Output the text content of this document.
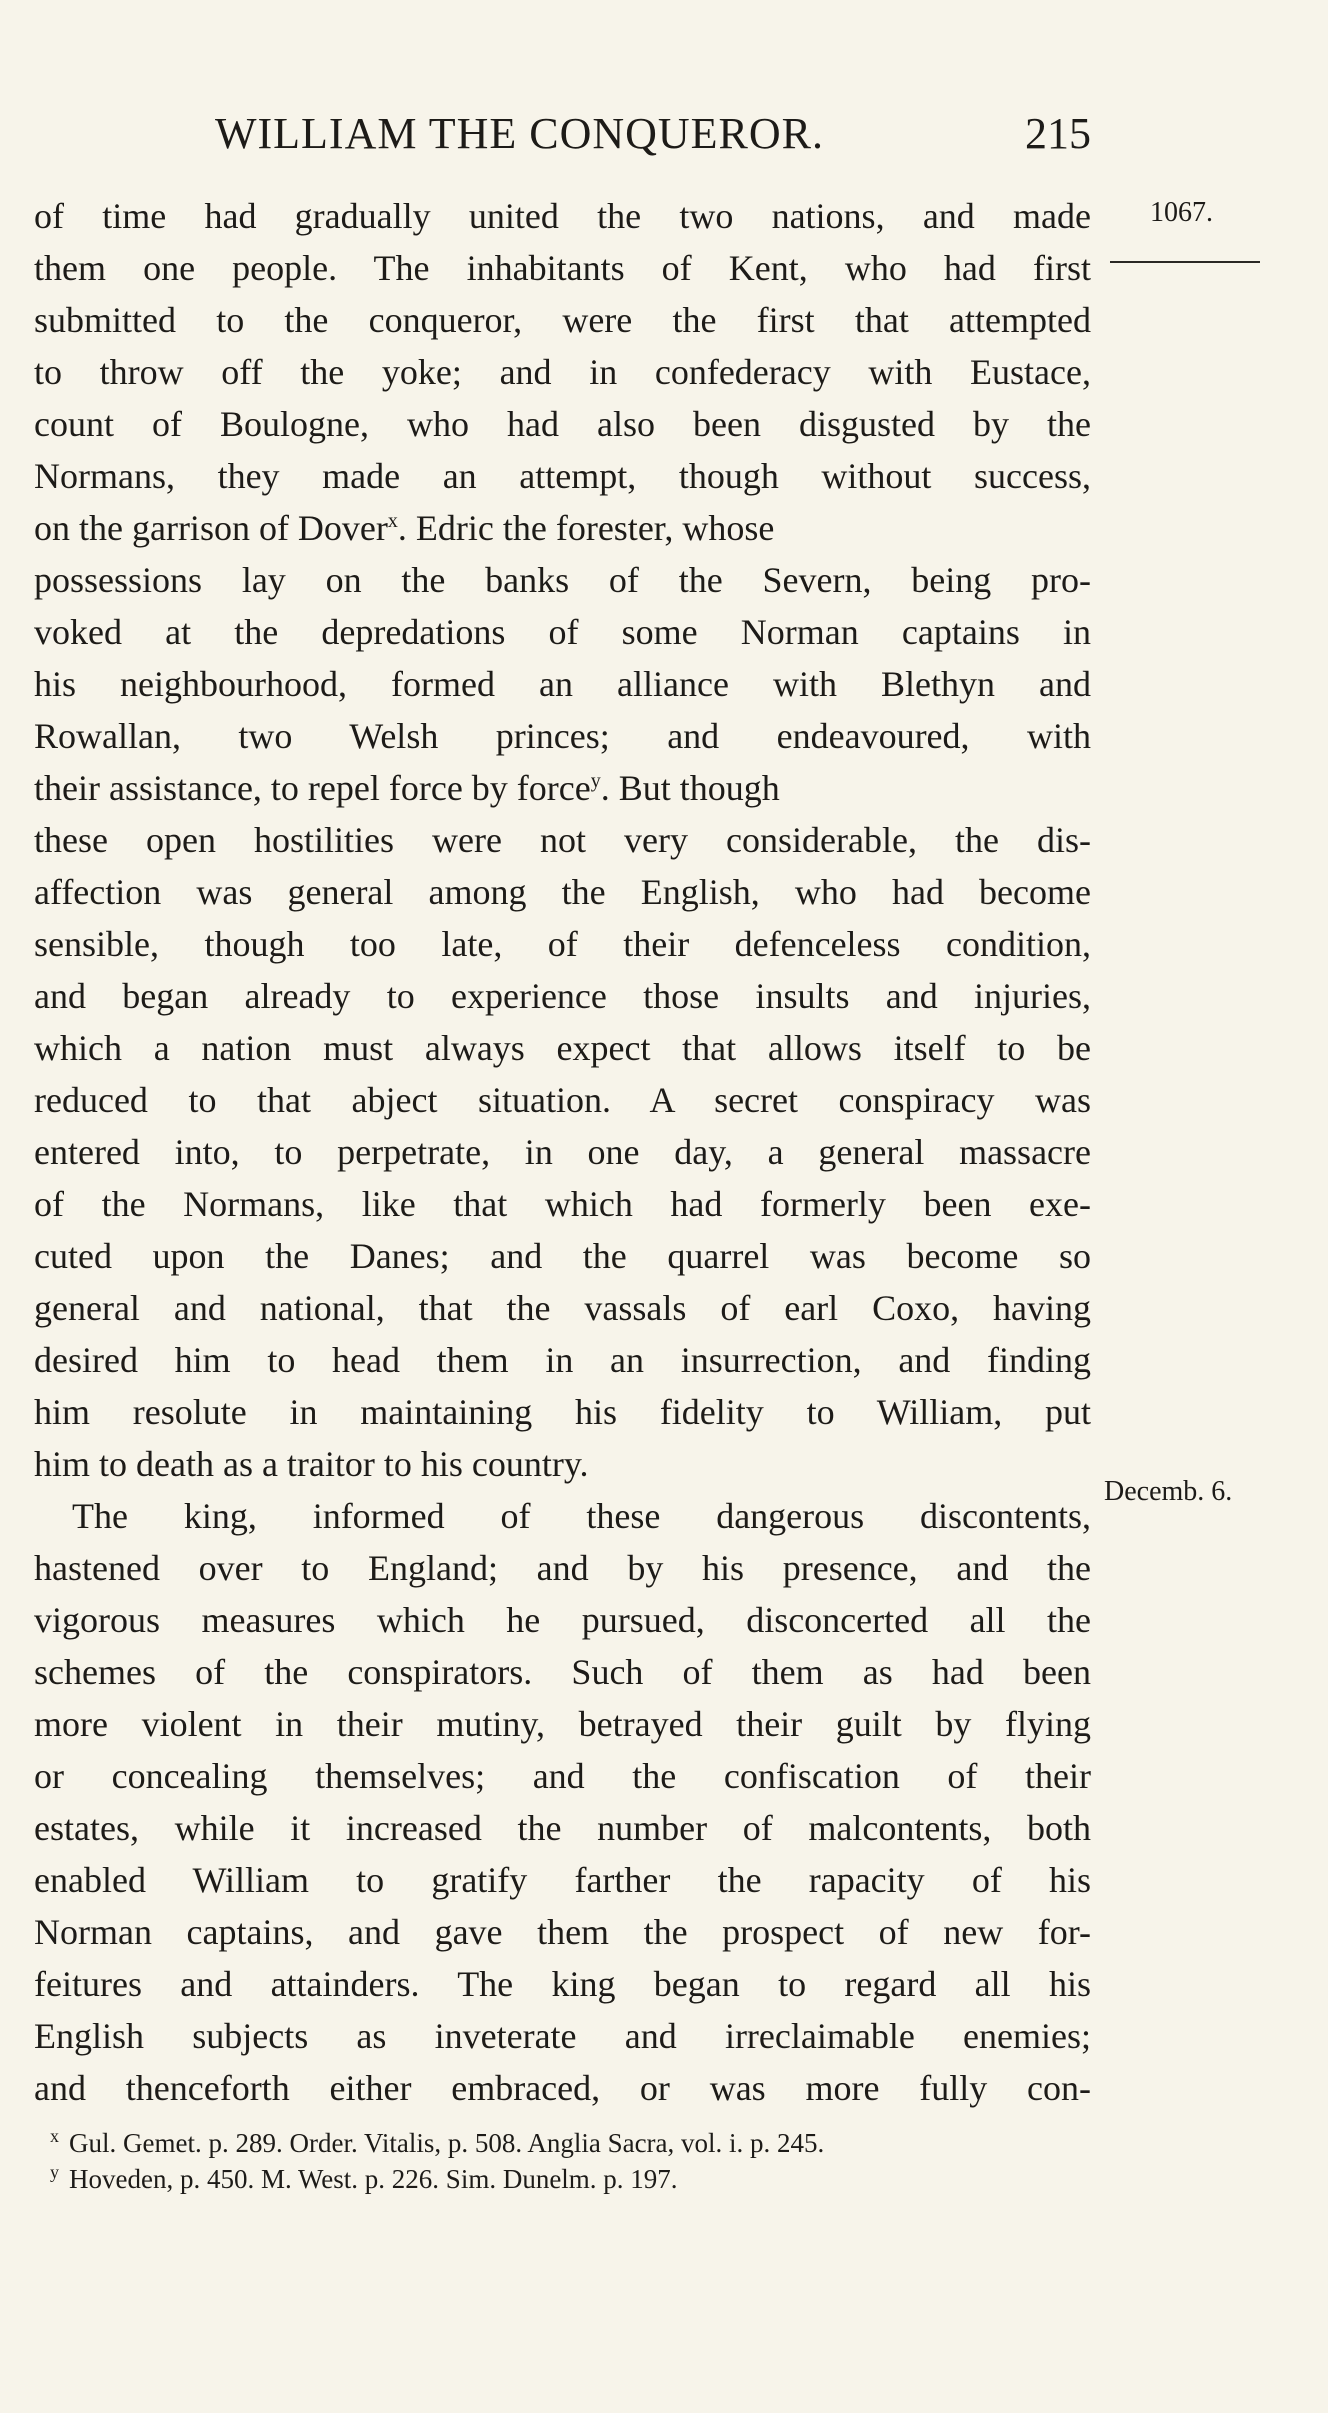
WILLIAM THE CONQUEROR.	215
1067.
Decemb. 6.
of time had gradually united the two nations, and made
them one people. The inhabitants of Kent, who had first
submitted to the conqueror, were the first that attempted
to throw off the yoke; and in confederacy with Eustace,
count of Boulogne, who had also been disgusted by the
Normans, they made an attempt, though without success,
on the garrison of Dover$^x$. Edric the forester, whose
possessions lay on the banks of the Severn, being pro-
voked at the depredations of some Norman captains in
his neighbourhood, formed an alliance with Blethyn and
Rowallan, two Welsh princes; and endeavoured, with
their assistance, to repel force by force$^y$. But though
these open hostilities were not very considerable, the dis-
affection was general among the English, who had become
sensible, though too late, of their defenceless condition,
and began already to experience those insults and injuries,
which a nation must always expect that allows itself to be
reduced to that abject situation. A secret conspiracy was
entered into, to perpetrate, in one day, a general massacre
of the Normans, like that which had formerly been exe-
cuted upon the Danes; and the quarrel was become so
general and national, that the vassals of earl Coxo, having
desired him to head them in an insurrection, and finding
him resolute in maintaining his fidelity to William, put
him to death as a traitor to his country.
The king, informed of these dangerous discontents,
hastened over to England; and by his presence, and the
vigorous measures which he pursued, disconcerted all the
schemes of the conspirators. Such of them as had been
more violent in their mutiny, betrayed their guilt by flying
or concealing themselves; and the confiscation of their
estates, while it increased the number of malcontents, both
enabled William to gratify farther the rapacity of his
Norman captains, and gave them the prospect of new for-
feitures and attainders. The king began to regard all his
English subjects as inveterate and irreclaimable enemies;
and thenceforth either embraced, or was more fully con-
$^x$ Gul. Gemet. p. 289. Order. Vitalis, p. 508. Anglia Sacra, vol. i. p. 245.
$^y$ Hoveden, p. 450. M. West. p. 226. Sim. Dunelm. p. 197.
